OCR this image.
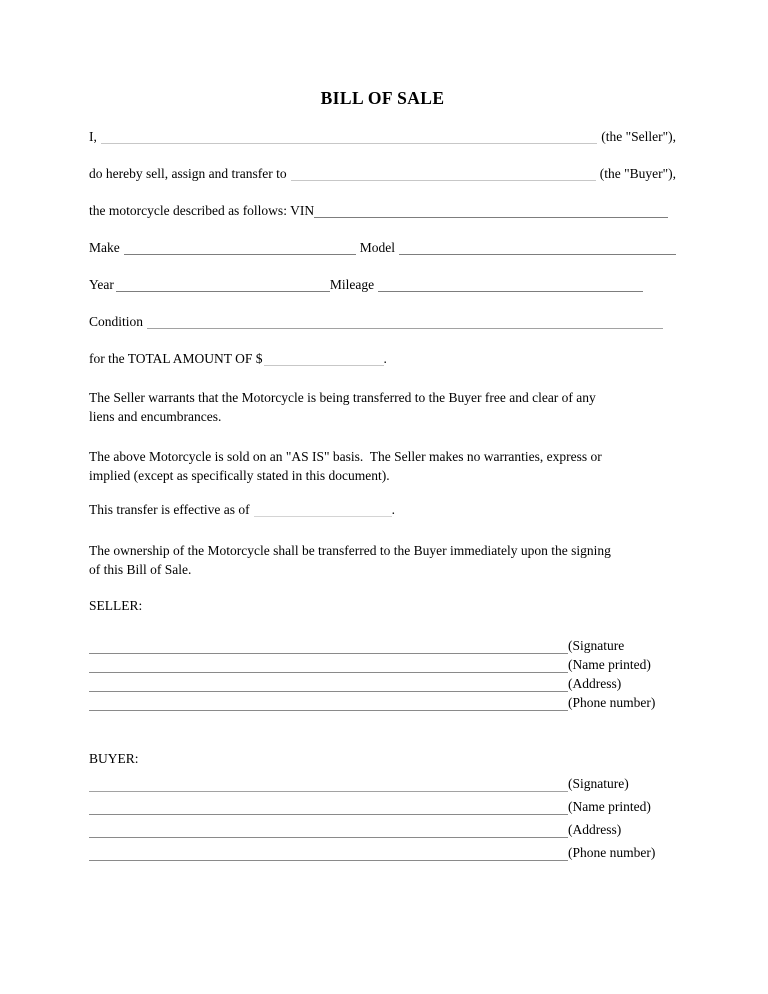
BILL OF SALE
I,	(the "Seller"),
do hereby sell, assign and transfer to	(the "Buyer"),
the motorcycle described as follows: VIN
Make	Model
Year	Mileage
Condition
for the TOTAL AMOUNT OF $	.
The Seller warrants that the Motorcycle is being transferred to the Buyer free and clear of any
liens and encumbrances.
The above Motorcycle is sold on an "AS IS" basis.  The Seller makes no warranties, express or
implied (except as specifically stated in this document).
This transfer is effective as of	.
The ownership of the Motorcycle shall be transferred to the Buyer immediately upon the signing
of this Bill of Sale.
SELLER:
(Signature
(Name printed)
(Address)
(Phone number)
BUYER:
(Signature)
(Name printed)
(Address)
(Phone number)
